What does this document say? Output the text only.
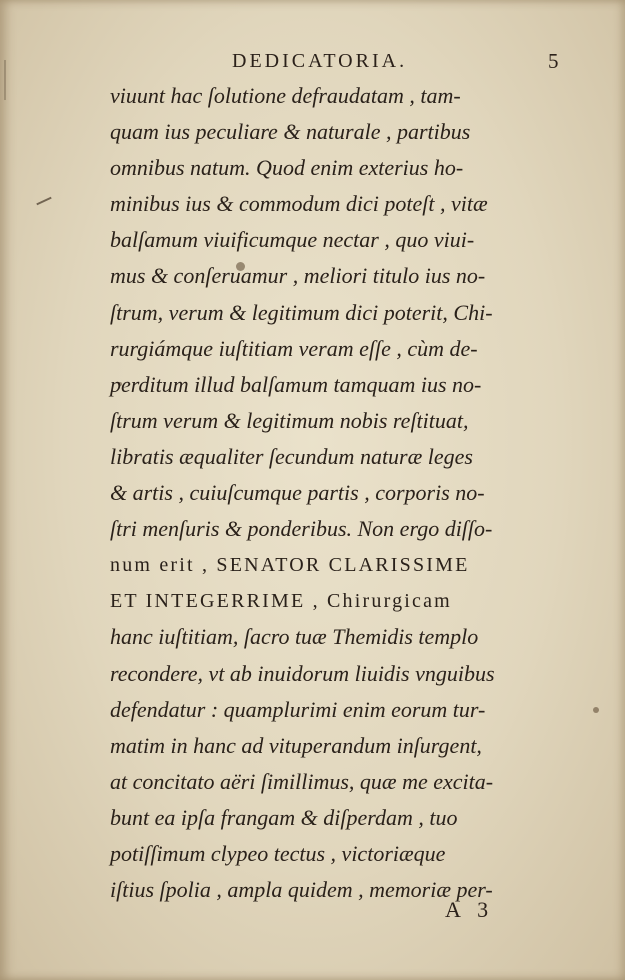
DEDICATORIA.	5
viuunt hac ſolutione defraudatam , tam-
quam ius peculiare & naturale , partibus
omnibus natum. Quod enim exterius ho-
minibus ius & commodum dici poteſt , vitæ
balſamum viuificumque nectar , quo viui-
mus & conſeruamur , meliori titulo ius no-
ſtrum, verum & legitimum dici poterit, Chi-
rurgiámque iuſtitiam veram eſſe , cùm de-
perditum illud balſamum tamquam ius no-
ſtrum verum & legitimum nobis reſtituat,
libratis æqualiter ſecundum naturæ leges
& artis , cuiuſcumque partis , corporis no-
ſtri menſuris & ponderibus. Non ergo diſſo-
num erit , SENATOR CLARISSIME
ET INTEGERRIME , Chirurgicam
hanc iuſtitiam, ſacro tuæ Themidis templo
recondere, vt ab inuidorum liuidis vnguibus
defendatur : quamplurimi enim eorum tur-
matim in hanc ad vituperandum inſurgent,
at concitato aëri ſimillimus, quæ me excita-
bunt ea ipſa frangam & diſperdam , tuo
potiſſimum clypeo tectus , victoriæque
iſtius ſpolia , ampla quidem , memoriæ per-
A 3
